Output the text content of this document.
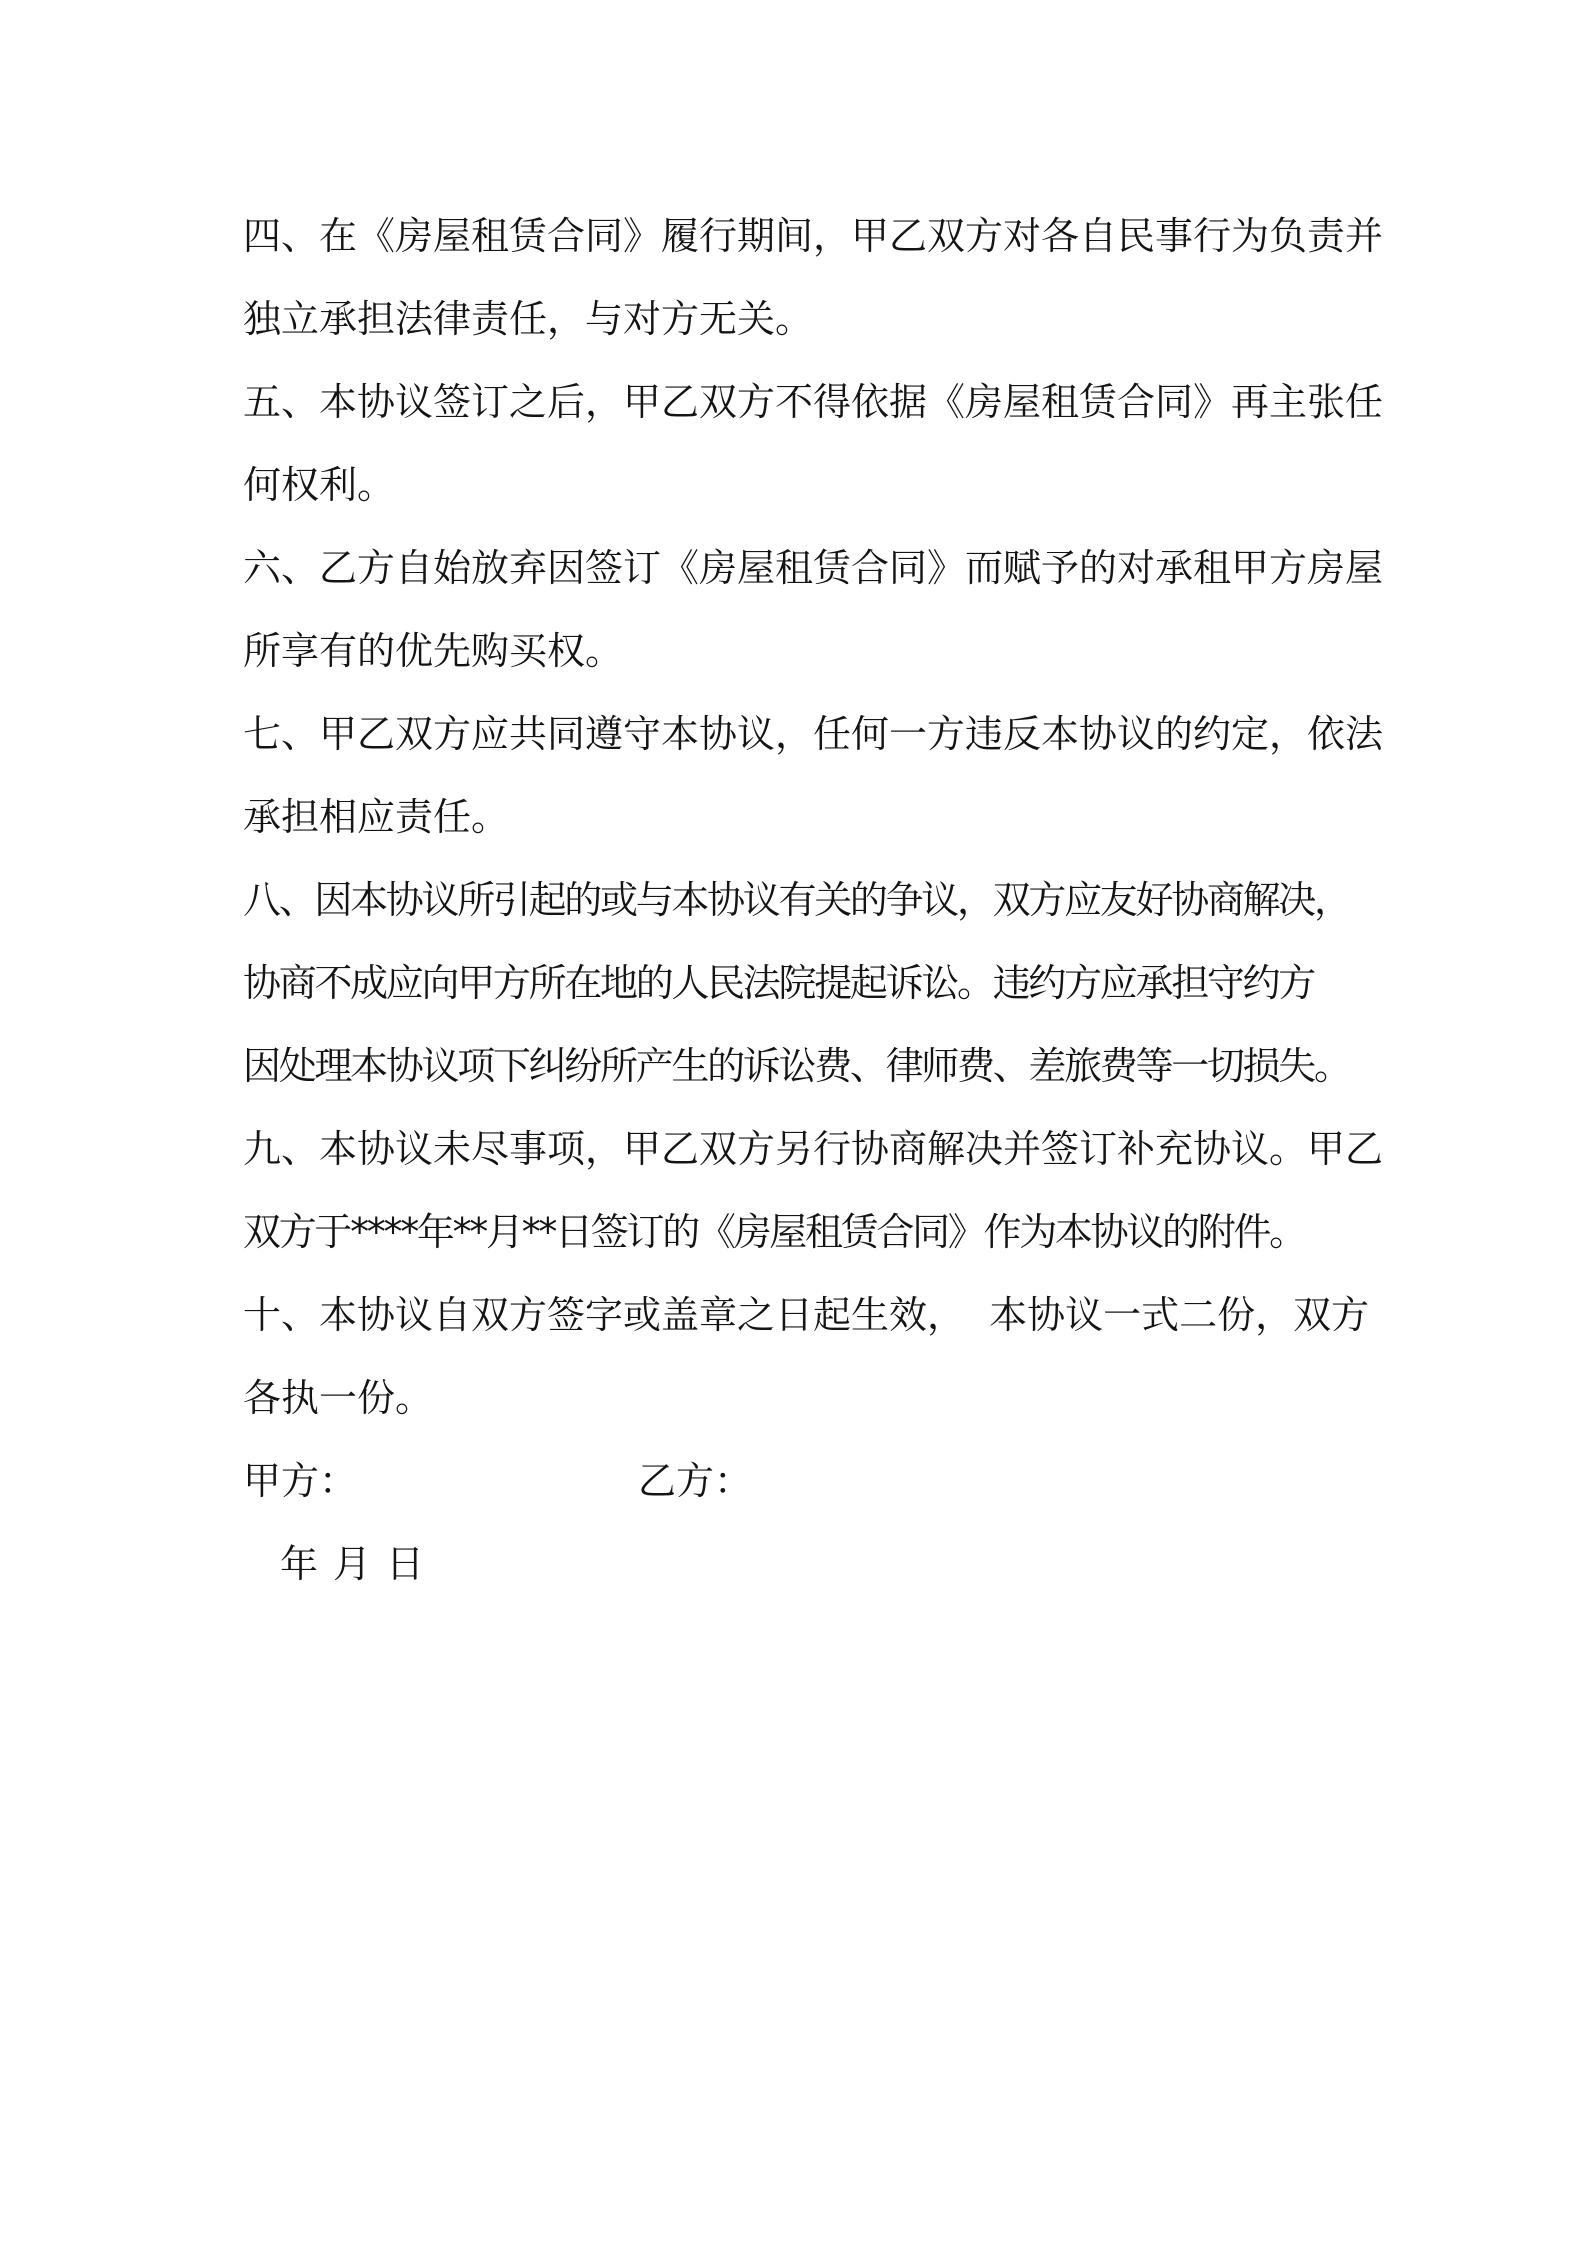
四、在《房屋租赁合同》履行期间，甲乙双方对各自民事行为负责并
独立承担法律责任，与对方无关。
五、本协议签订之后，甲乙双方不得依据《房屋租赁合同》再主张任
何权利。
六、乙方自始放弃因签订《房屋租赁合同》而赋予的对承租甲方房屋
所享有的优先购买权。
七、甲乙双方应共同遵守本协议，任何一方违反本协议的约定，依法
承担相应责任。
八、因本协议所引起的或与本协议有关的争议，双方应友好协商解决，
协商不成应向甲方所在地的人民法院提起诉讼。违约方应承担守约方
因处理本协议项下纠纷所产生的诉讼费、律师费、差旅费等一切损失。
九、本协议未尽事项，甲乙双方另行协商解决并签订补充协议。甲乙
双方于****年**月**日签订的《房屋租赁合同》作为本协议的附件。
十、本协议自双方签字或盖章之日起生效，  本协议一式二份，双方
各执一份。
甲方：	乙方：
年 月 日
